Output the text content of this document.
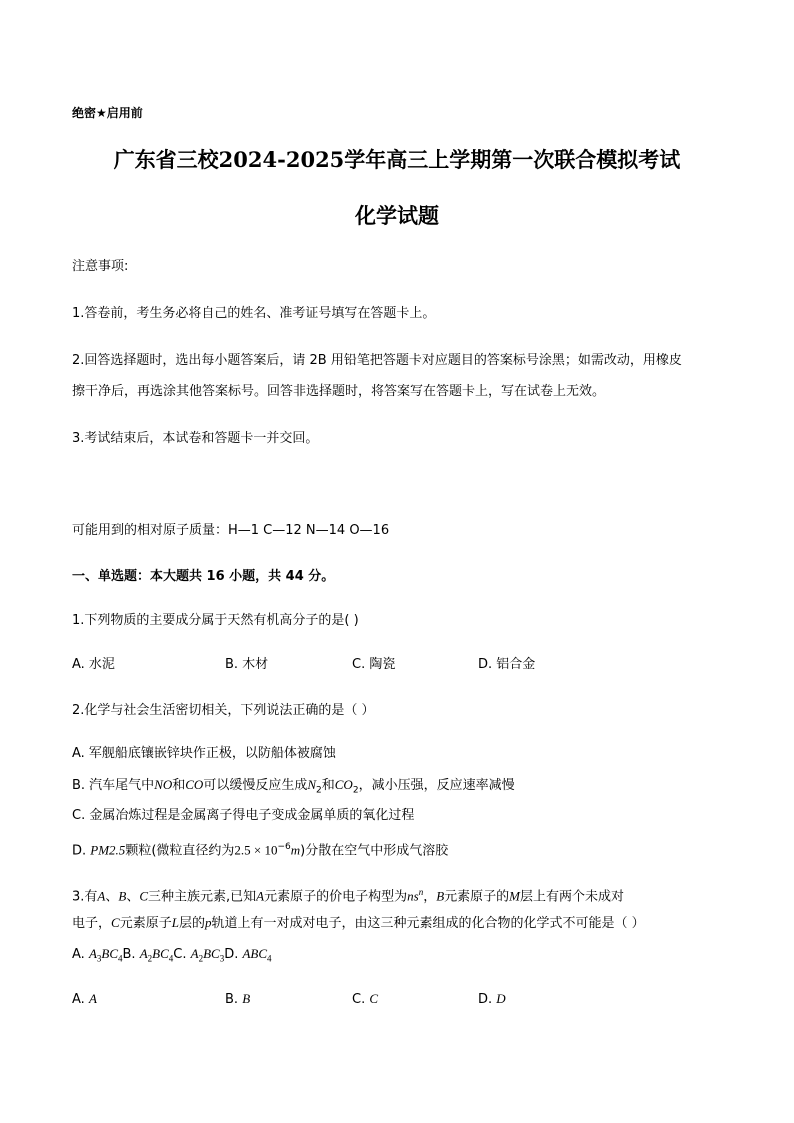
绝密★启用前
广东省三校2024-2025学年高三上学期第一次联合模拟考试
化学试题
注意事项:
1.答卷前，考生务必将自己的姓名、准考证号填写在答题卡上。
2.回答选择题时，选出每小题答案后，请 2B 用铅笔把答题卡对应题目的答案标号涂黑；如需改动，用橡皮
擦干净后，再选涂其他答案标号。回答非选择题时，将答案写在答题卡上，写在试卷上无效。
3.考试结束后，本试卷和答题卡一并交回。
可能用到的相对原子质量：H—1 C—12 N—14 O—16
一、单选题：本大题共 16 小题，共 44 分。
1.下列物质的主要成分属于天然有机高分子的是( )
A. 水泥	B. 木材	C. 陶瓷	D. 铝合金
2.化学与社会生活密切相关，下列说法正确的是（ ）
A. 军舰船底镶嵌锌块作正极，以防船体被腐蚀
B. 汽车尾气中NO和CO可以缓慢反应生成$N_2$和$CO_2$，减小压强，反应速率减慢
C. 金属冶炼过程是金属离子得电子变成金属单质的氧化过程
D. PM2.5颗粒(微粒直径约为$2.5 \times 10^{-6}m$)分散在空气中形成气溶胶
3.有A、B、C三种主族元素,已知A元素原子的价电子构型为$ns^n$，B元素原子的M层上有两个未成对
电子，C元素原子L层的p轨道上有一对成对电子，由这三种元素组成的化合物的化学式不可能是（ ）
A. $A_3BC_4B$. $A_2BC_4C$. $A_2BC_3D$. $ABC_4$
A. A	B. B	C. C	D. D
